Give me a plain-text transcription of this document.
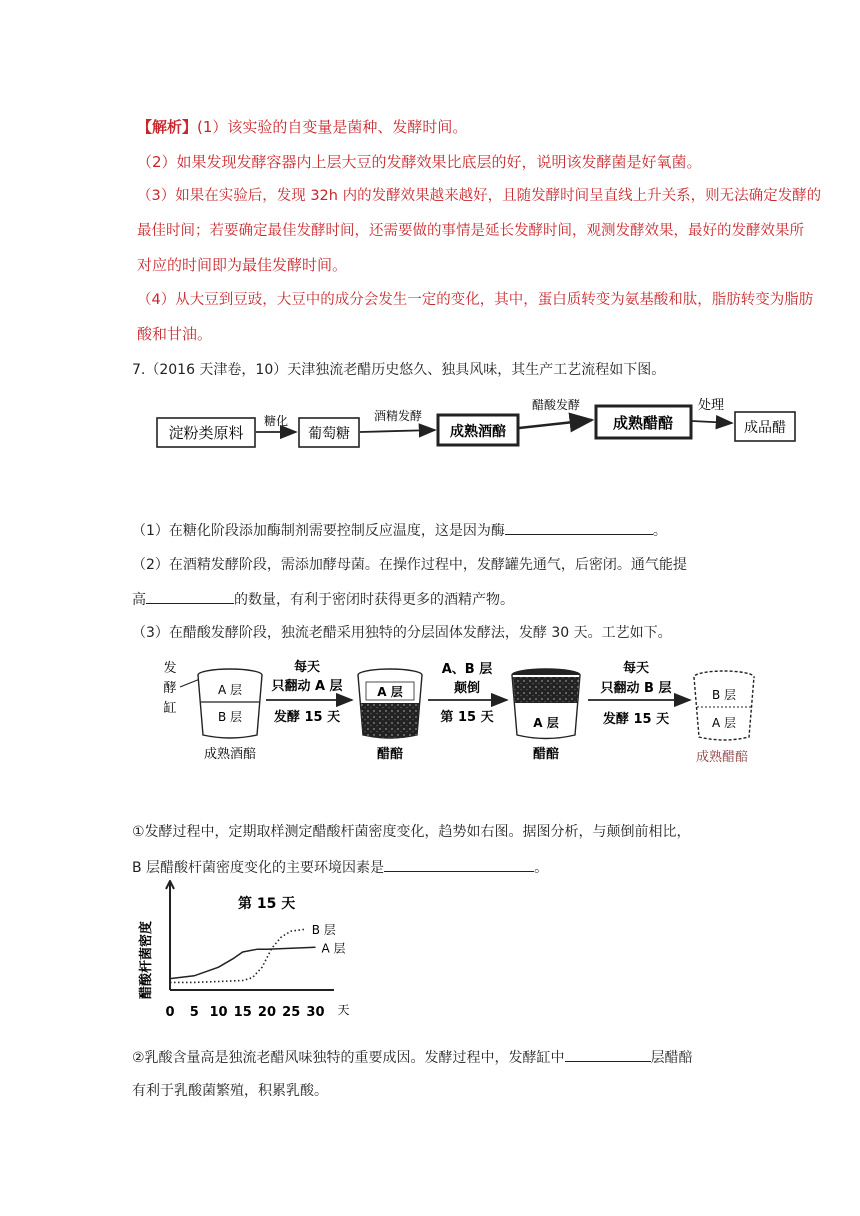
【解析】(1）该实验的自变量是菌种、发酵时间。
（2）如果发现发酵容器内上层大豆的发酵效果比底层的好，说明该发酵菌是好氧菌。
（3）如果在实验后，发现 32h 内的发酵效果越来越好，且随发酵时间呈直线上升关系，则无法确定发酵的
最佳时间；若要确定最佳发酵时间，还需要做的事情是延长发酵时间，观测发酵效果，最好的发酵效果所
对应的时间即为最佳发酵时间。
（4）从大豆到豆豉，大豆中的成分会发生一定的变化，其中，蛋白质转变为氨基酸和肽，脂肪转变为脂肪
酸和甘油。
7.（2016 天津卷，10）天津独流老醋历史悠久、独具风味，其生产工艺流程如下图。
淀粉类原料
糖化
葡萄糖
酒精发酵
成熟酒醅
醋酸发酵
成熟醋醅
处理
成品醋
（1）在糖化阶段添加酶制剂需要控制反应温度，这是因为酶	。
（2）在酒精发酵阶段，需添加酵母菌。在操作过程中，发酵罐先通气，后密闭。通气能提
高	的数量，有利于密闭时获得更多的酒精产物。
（3）在醋酸发酵阶段，独流老醋采用独特的分层固体发酵法，发酵 30 天。工艺如下。
发
酵
缸
A 层
B 层
成熟酒醅
每天
只翻动 A 层
发酵 15 天
A 层
醋醅
A、B 层
颠倒
第 15 天	A 层
醋醅
每天
只翻动 B 层
发酵 15 天
B 层
A 层
成熟醋醅
①发酵过程中，定期取样测定醋酸杆菌密度变化，趋势如右图。据图分析，与颠倒前相比，
B 层醋酸杆菌密度变化的主要环境因素是	。
第 15 天
醋酸杆菌密度	A 层
B 层
0 5 10 15 20 25 30 天
②乳酸含量高是独流老醋风味独特的重要成因。发酵过程中，发酵缸中	层醋醅
有利于乳酸菌繁殖，积累乳酸。
